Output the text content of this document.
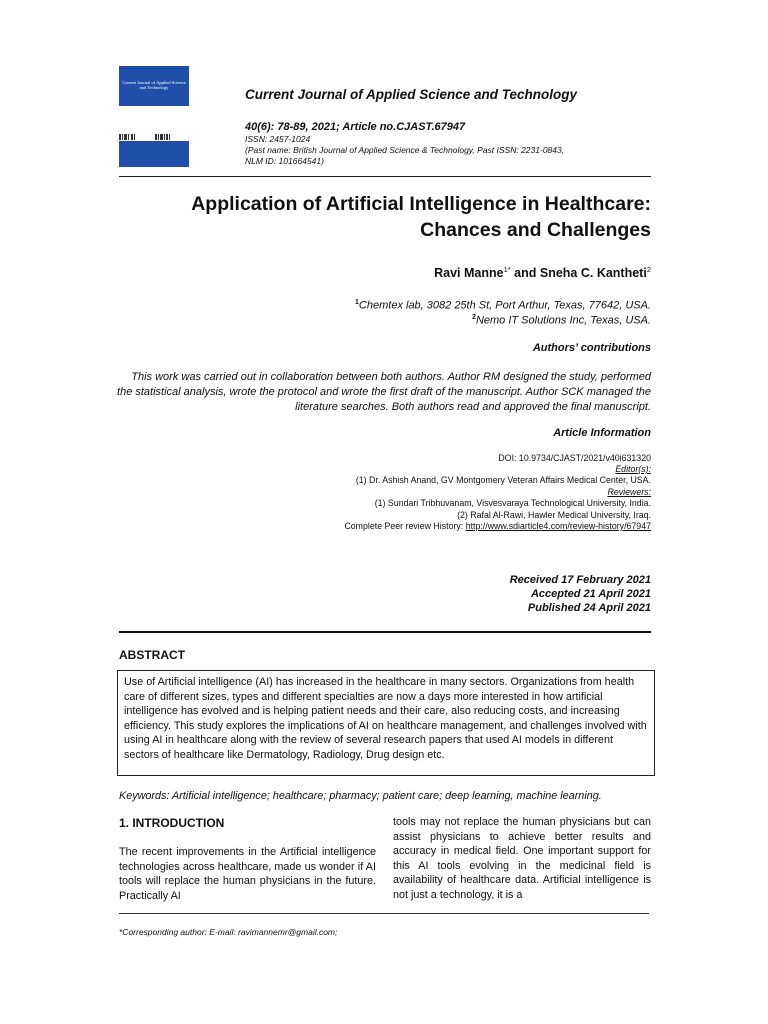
Current Journal of Applied Science and Technology	Current Journal of Applied Science and Technology
40(6): 78-89, 2021; Article no.CJAST.67947
ISSN: 2457-1024
(Past name: British Journal of Applied Science & Technology, Past ISSN: 2231-0843,
NLM ID: 101664541)
Application of Artificial Intelligence in Healthcare:
Chances and Challenges
Ravi Manne$^{1*}$ and Sneha C. Kantheti$^2$
$^1$Chemtex lab, 3082 25th St, Port Arthur, Texas, 77642, USA.
$^2$Nemo IT Solutions Inc, Texas, USA.
Authors’ contributions
This work was carried out in collaboration between both authors. Author RM designed the study, performed the statistical analysis, wrote the protocol and wrote the first draft of the manuscript. Author SCK managed the literature searches. Both authors read and approved the final manuscript.
Article Information
DOI: 10.9734/CJAST/2021/v40i631320
Editor(s):
(1) Dr. Ashish Anand, GV Montgomery Veteran Affairs Medical Center, USA.
Reviewers:
(1) Sundari Tribhuvanam, Visvesvaraya Technological University, India.
(2) Rafal Al-Rawi, Hawler Medical University, Iraq.
Complete Peer review History: http://www.sdiarticle4.com/review-history/67947
Received 17 February 2021
Accepted 21 April 2021
Published 24 April 2021
ABSTRACT
Use of Artificial intelligence (AI) has increased in the healthcare in many sectors. Organizations from health care of different sizes, types and different specialties are now a days more interested in how artificial intelligence has evolved and is helping patient needs and their care, also reducing costs, and increasing efficiency. This study explores the implications of AI on healthcare management, and challenges involved with using AI in healthcare along with the review of several research papers that used AI models in different sectors of healthcare like Dermatology, Radiology, Drug design etc.
Keywords: Artificial intelligence; healthcare; pharmacy; patient care; deep learning, machine learning.
1. INTRODUCTION
The recent improvements in the Artificial intelligence technologies across healthcare, made us wonder if AI tools will replace the human physicians in the future. Practically AI
tools may not replace the human physicians but can assist physicians to achieve better results and accuracy in medical field. One important support for this AI tools evolving in the medicinal field is availability of healthcare data. Artificial intelligence is not just a technology, it is a
*Corresponding author: E-mail: ravimannemr@gmail.com;
